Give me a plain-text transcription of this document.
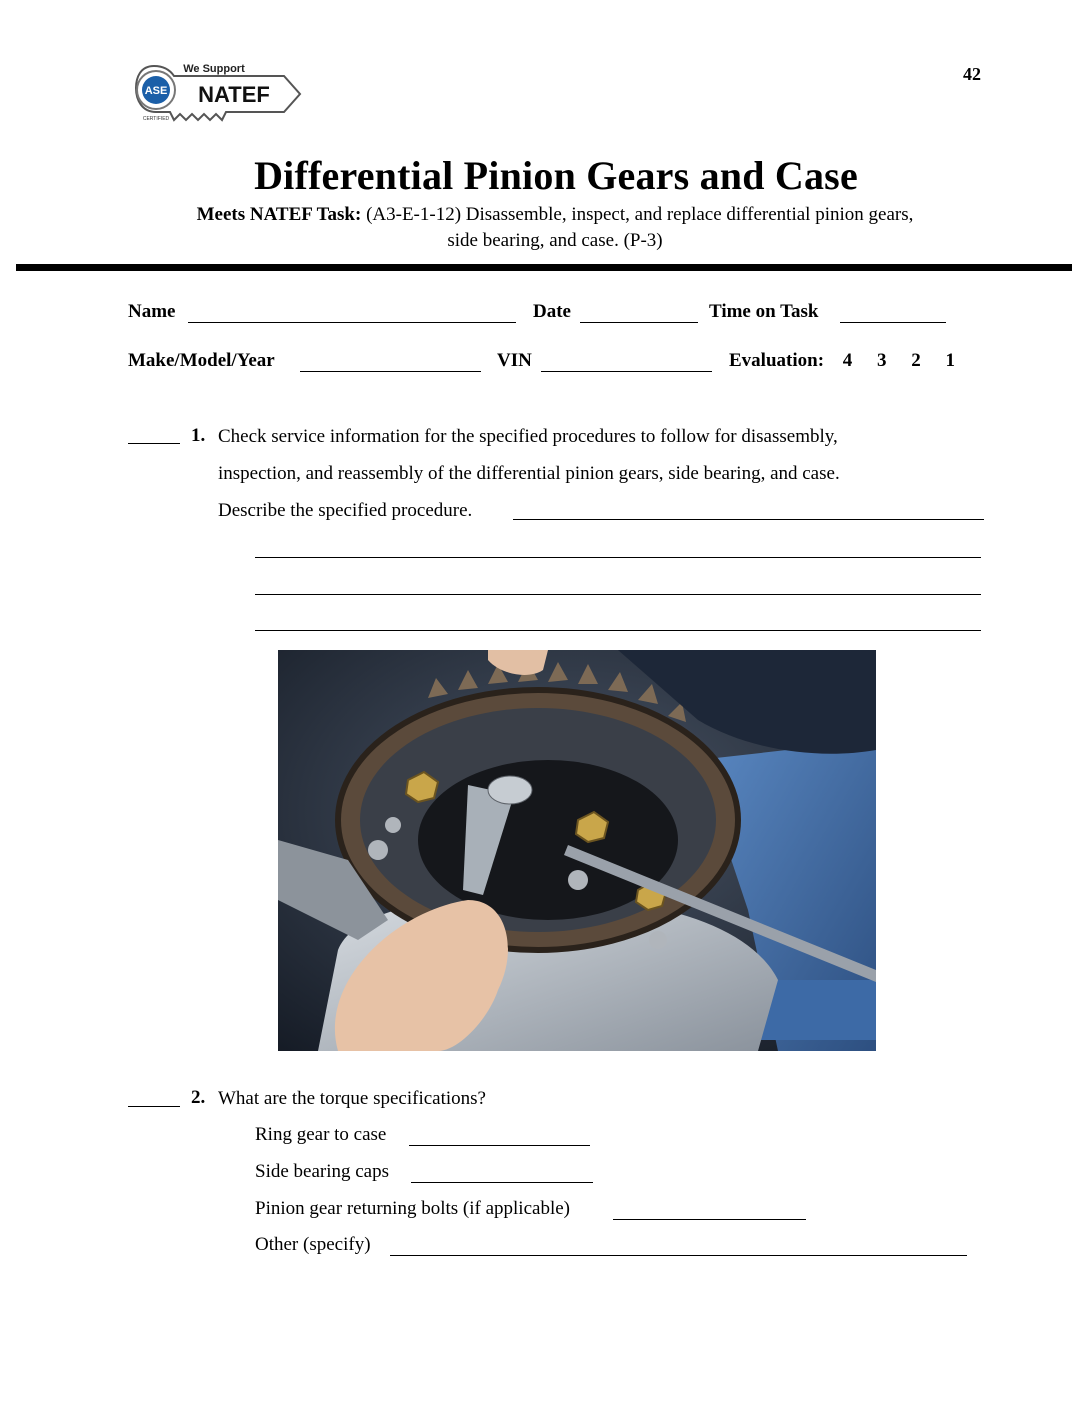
42
ASE
We Support
NATEF
CERTIFIED
Differential Pinion Gears and Case
Meets NATEF Task: (A3-E-1-12) Disassemble, inspect, and replace differential pinion gears,
side bearing, and case. (P-3)
Name	Date	Time on Task
Make/Model/Year	VIN	Evaluation: 4 3 2 1
1. Check service information for the specified procedures to follow for disassembly,
inspection, and reassembly of the differential pinion gears, side bearing, and case.
Describe the specified procedure.
2. What are the torque specifications?
Ring gear to case
Side bearing caps
Pinion gear returning bolts (if applicable)
Other (specify)
